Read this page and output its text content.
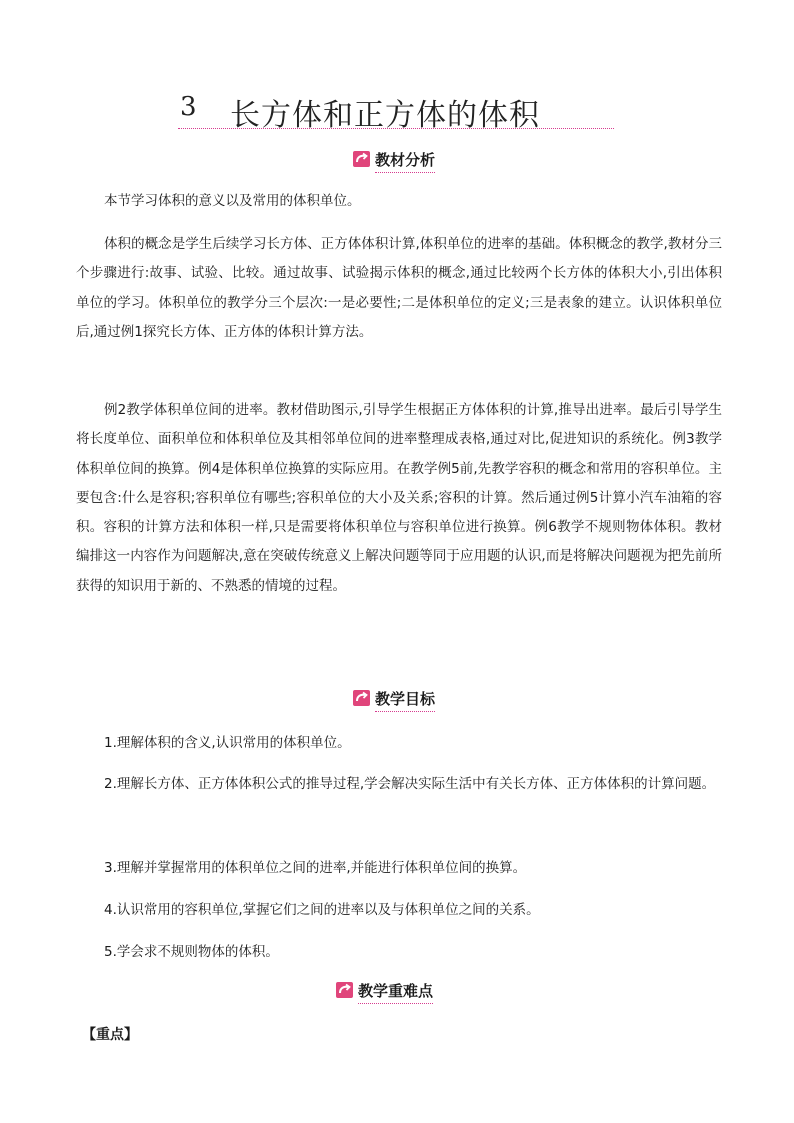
3 长方体和正方体的体积
教材分析

本节学习体积的意义以及常用的体积单位。

体积的概念是学生后续学习长方体、正方体体积计算,体积单位的进率的基础。体积概念的教学,教材分三个步骤进行:故事、试验、比较。通过故事、试验揭示体积的概念,通过比较两个长方体的体积大小,引出体积单位的学习。体积单位的教学分三个层次:一是必要性;二是体积单位的定义;三是表象的建立。认识体积单位后,通过例1探究长方体、正方体的体积计算方法。

例2教学体积单位间的进率。教材借助图示,引导学生根据正方体体积的计算,推导出进率。最后引导学生将长度单位、面积单位和体积单位及其相邻单位间的进率整理成表格,通过对比,促进知识的系统化。例3教学体积单位间的换算。例4是体积单位换算的实际应用。在教学例5前,先教学容积的概念和常用的容积单位。主要包含:什么是容积;容积单位有哪些;容积单位的大小及关系;容积的计算。然后通过例5计算小汽车油箱的容积。容积的计算方法和体积一样,只是需要将体积单位与容积单位进行换算。例6教学不规则物体体积。教材编排这一内容作为问题解决,意在突破传统意义上解决问题等同于应用题的认识,而是将解决问题视为把先前所获得的知识用于新的、不熟悉的情境的过程。

教学目标

1.理解体积的含义,认识常用的体积单位。

2.理解长方体、正方体体积公式的推导过程,学会解决实际生活中有关长方体、正方体体积的计算问题。

3.理解并掌握常用的体积单位之间的进率,并能进行体积单位间的换算。

4.认识常用的容积单位,掌握它们之间的进率以及与体积单位之间的关系。

5.学会求不规则物体的体积。

教学重难点
【重点】
